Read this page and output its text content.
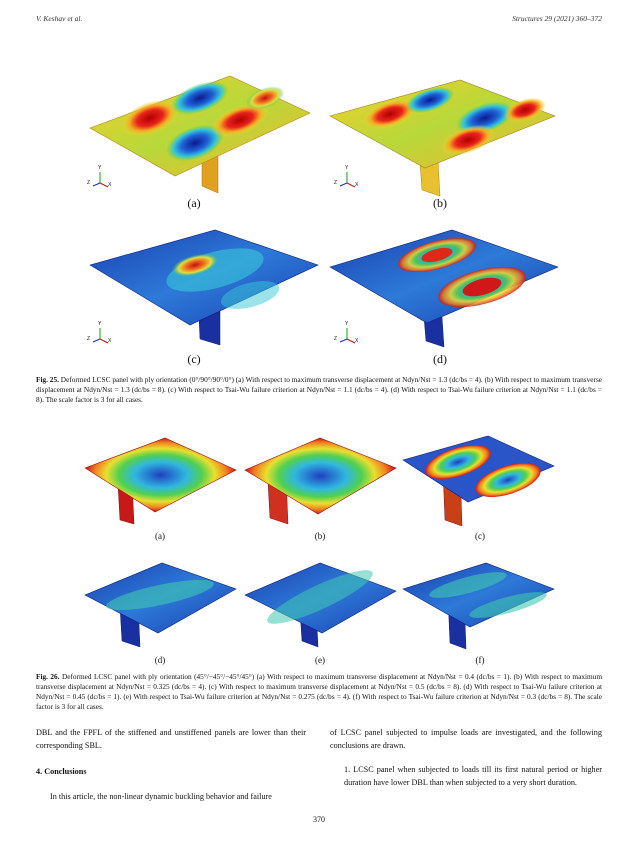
V. Keshav et al.	Structures 29 (2021) 360–372
Y
Z	X
(a)
Y
Z	X
(b)
Y
Z	X
(c)
Y
Z	X
(d)
Fig. 25. Deformed LCSC panel with ply orientation (0°/90°/90°/0°) (a) With respect to maximum transverse displacement at Ndyn/Nst = 1.3 (dc/bs = 4). (b) With respect to maximum transverse displacement at Ndyn/Nst = 1.3 (dc/bs = 8). (c) With respect to Tsai-Wu failure criterion at Ndyn/Nst = 1.1 (dc/bs = 4). (d) With respect to Tsai-Wu failure criterion at Ndyn/Nst = 1.1 (dc/bs = 8). The scale factor is 3 for all cases.
(a)	(b)	(c)
(d)	(e)	(f)
Fig. 26. Deformed LCSC panel with ply orientation (45°/−45°/−45°/45°) (a) With respect to maximum transverse displacement at Ndyn/Nst = 0.4 (dc/bs = 1). (b) With respect to maximum transverse displacement at Ndyn/Nst = 0.325 (dc/bs = 4). (c) With respect to maximum transverse displacement at Ndyn/Nst = 0.5 (dc/bs = 8). (d) With respect to Tsai-Wu failure criterion at Ndyn/Nst = 0.45 (dc/bs = 1). (e) With respect to Tsai-Wu failure criterion at Ndyn/Nst = 0.275 (dc/bs = 4). (f) With respect to Tsai-Wu failure criterion at Ndyn/Nst = 0.3 (dc/bs = 8). The scale factor is 3 for all cases.
DBL and the FPFL of the stiffened and unstiffened panels are lower than their corresponding SBL.
4. Conclusions
In this article, the non-linear dynamic buckling behavior and failure
of LCSC panel subjected to impulse loads are investigated, and the following conclusions are drawn.
1. LCSC panel when subjected to loads till its first natural period or higher duration have lower DBL than when subjected to a very short duration.
370
